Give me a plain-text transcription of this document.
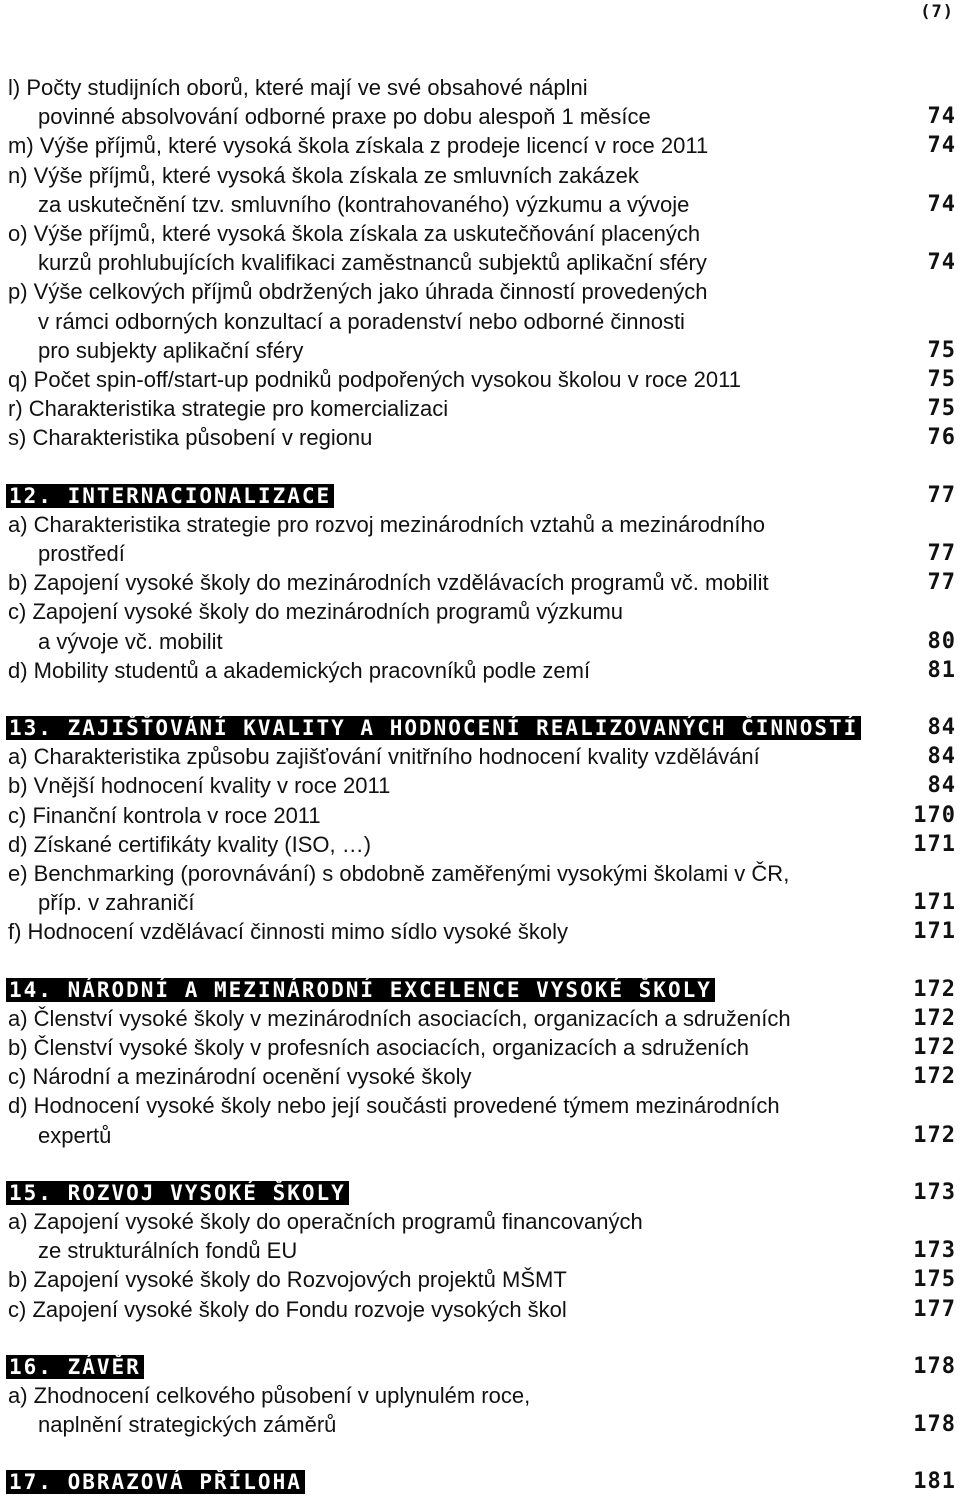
(7)
l) Počty studijních oborů, které mají ve své obsahové náplni
povinné absolvování odborné praxe po dobu alespoň 1 měsíce	74
m) Výše příjmů, které vysoká škola získala z prodeje licencí v roce 2011	74
n) Výše příjmů, které vysoká škola získala ze smluvních zakázek
za uskutečnění tzv. smluvního (kontrahovaného) výzkumu a vývoje	74
o) Výše příjmů, které vysoká škola získala za uskutečňování placených
kurzů prohlubujících kvalifikaci zaměstnanců subjektů aplikační sféry	74
p) Výše celkových příjmů obdržených jako úhrada činností provedených
v rámci odborných konzultací a poradenství nebo odborné činnosti
pro subjekty aplikační sféry	75
q) Počet spin-off/start-up podniků podpořených vysokou školou v roce 2011	75
r) Charakteristika strategie pro komercializaci	75
s) Charakteristika působení v regionu	76
12. INTERNACIONALIZACE	77
a) Charakteristika strategie pro rozvoj mezinárodních vztahů a mezinárodního
prostředí	77
b) Zapojení vysoké školy do mezinárodních vzdělávacích programů vč. mobilit	77
c) Zapojení vysoké školy do mezinárodních programů výzkumu
a vývoje vč. mobilit	80
d) Mobility studentů a akademických pracovníků podle zemí	81
13. ZAJIŠŤOVÁNÍ KVALITY A HODNOCENÍ REALIZOVANÝCH ČINNOSTÍ	84
a) Charakteristika způsobu zajišťování vnitřního hodnocení kvality vzdělávání	84
b) Vnější hodnocení kvality v roce 2011	84
c) Finanční kontrola v roce 2011	170
d) Získané certifikáty kvality (ISO, …)	171
e) Benchmarking (porovnávání) s obdobně zaměřenými vysokými školami v ČR,
příp. v zahraničí	171
f) Hodnocení vzdělávací činnosti mimo sídlo vysoké školy	171
14. NÁRODNÍ A MEZINÁRODNÍ EXCELENCE VYSOKÉ ŠKOLY	172
a) Členství vysoké školy v mezinárodních asociacích, organizacích a sdruženích	172
b) Členství vysoké školy v profesních asociacích, organizacích a sdruženích	172
c) Národní a mezinárodní ocenění vysoké školy	172
d) Hodnocení vysoké školy nebo její součásti provedené týmem mezinárodních
expertů	172
15. ROZVOJ VYSOKÉ ŠKOLY	173
a) Zapojení vysoké školy do operačních programů financovaných
ze strukturálních fondů EU	173
b) Zapojení vysoké školy do Rozvojových projektů MŠMT	175
c) Zapojení vysoké školy do Fondu rozvoje vysokých škol	177
16. ZÁVĚR	178
a) Zhodnocení celkového působení v uplynulém roce,
naplnění strategických záměrů	178
17. OBRAZOVÁ PŘÍLOHA	181
